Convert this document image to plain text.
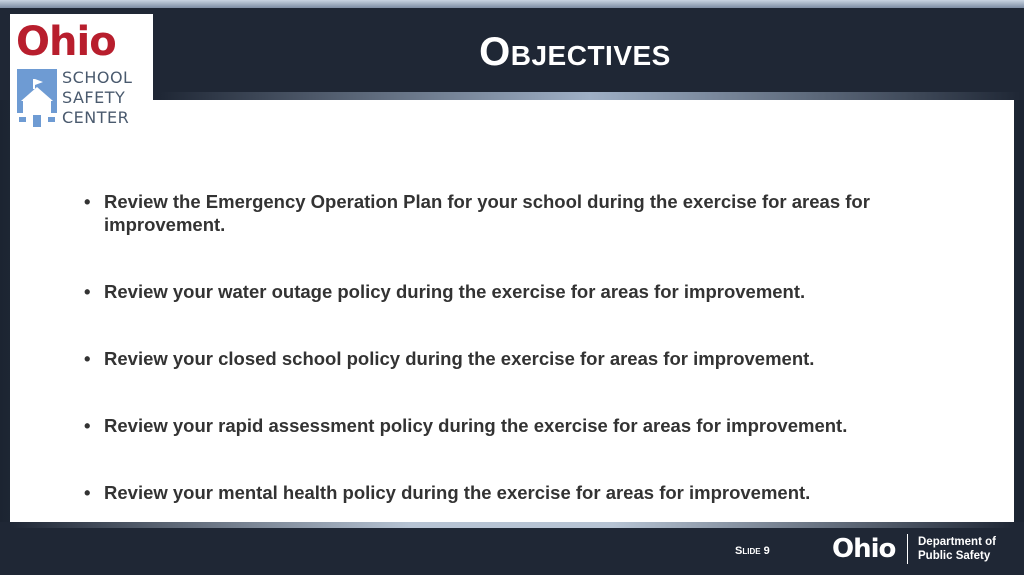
Objectives
• Review the Emergency Operation Plan for your school during the exercise for areas for improvement.
• Review your water outage policy during the exercise for areas for improvement.
• Review your closed school policy during the exercise for areas for improvement.
• Review your rapid assessment policy during the exercise for areas for improvement.
• Review your mental health policy during the exercise for areas for improvement.
Ohio
SCHOOL
SAFETY
CENTER
Slide 9 Ohio Department of
Public Safety
